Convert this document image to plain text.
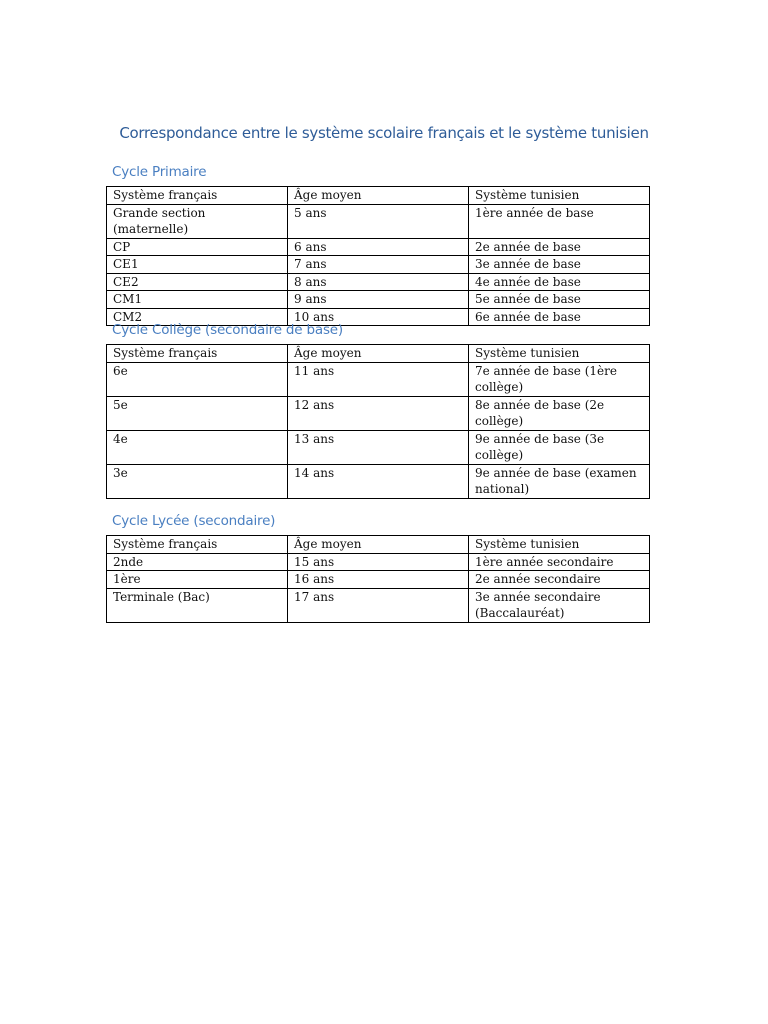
Correspondance entre le système scolaire français et le système tunisien
Cycle Primaire
Système français	Âge moyen	Système tunisien
Grande section (maternelle)	5 ans	1ère année de base
CP	6 ans	2e année de base
CE1	7 ans	3e année de base
CE2	8 ans	4e année de base
CM1	9 ans	5e année de base
CM2	10 ans	6e année de base
Cycle Collège (secondaire de base)
Système français	Âge moyen	Système tunisien
6e	11 ans	7e année de base (1ère collège)
5e	12 ans	8e année de base (2e collège)
4e	13 ans	9e année de base (3e collège)
3e	14 ans	9e année de base (examen national)
Cycle Lycée (secondaire)
Système français	Âge moyen	Système tunisien
2nde	15 ans	1ère année secondaire
1ère	16 ans	2e année secondaire
Terminale (Bac)	17 ans	3e année secondaire (Baccalauréat)
